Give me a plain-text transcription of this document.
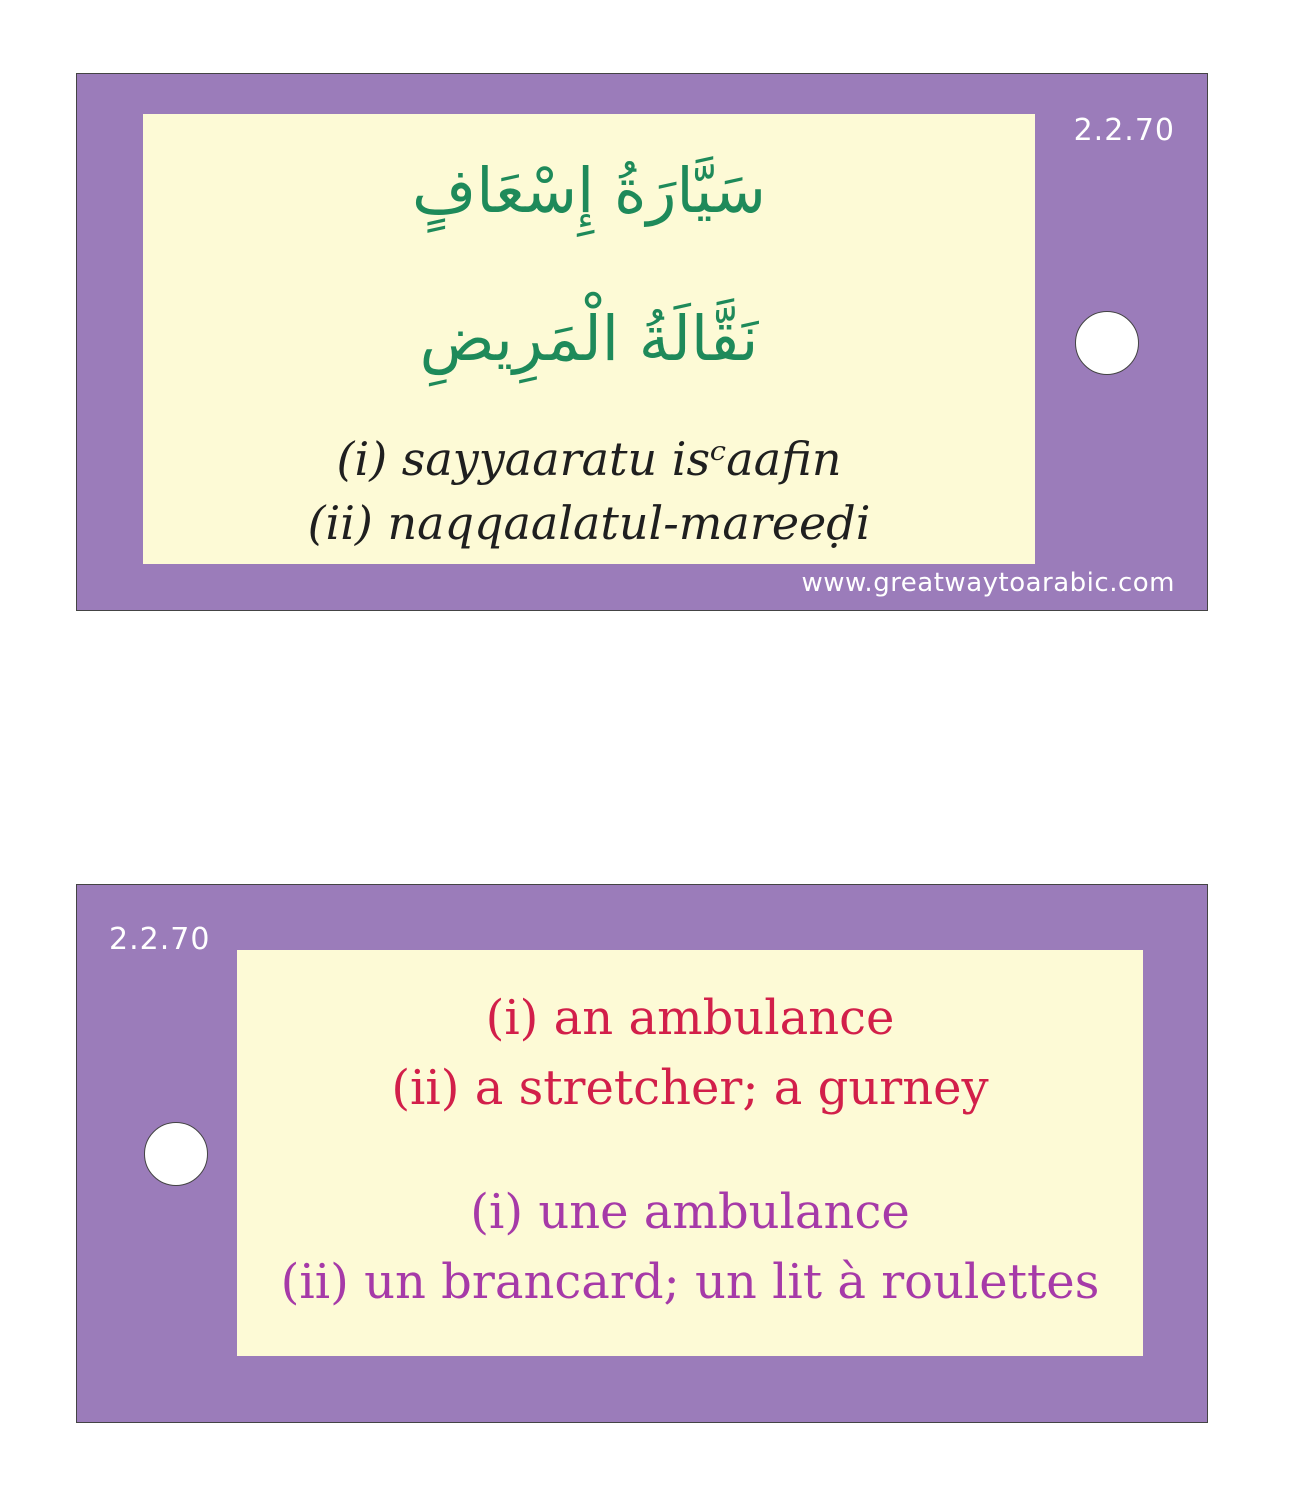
سَيَّارَةُ إِسْعَافٍ
نَقَّالَةُ الْمَرِيضِ
(i) sayyaaratu isᶜaafin
(ii) naqqaalatul-mareeḍi
2.2.70
www.greatwaytoarabic.com
2.2.70
(i) an ambulance
(ii) a stretcher; a gurney
(i) une ambulance
(ii) un brancard; un lit à roulettes
